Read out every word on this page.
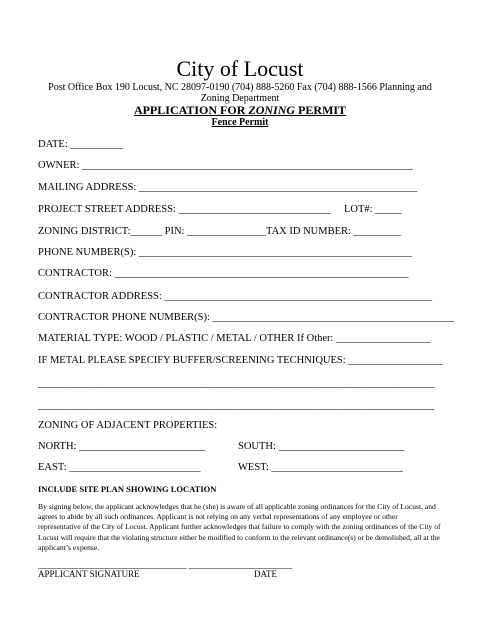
City of Locust
Post Office Box 190 Locust, NC 28097-0190 (704) 888-5260 Fax (704) 888-1566 Planning and Zoning Department
APPLICATION FOR ZONING PERMIT
Fence Permit
DATE: __________
OWNER: _______________________________________________________________
MAILING ADDRESS: _____________________________________________________
PROJECT STREET ADDRESS: _____________________________ LOT#: _____
ZONING DISTRICT:______ PIN: _______________ TAX ID NUMBER: _________
PHONE NUMBER(S): ____________________________________________________
CONTRACTOR: ________________________________________________________
CONTRACTOR ADDRESS: ___________________________________________________
CONTRACTOR PHONE NUMBER(S): ______________________________________________
MATERIAL TYPE: WOOD / PLASTIC / METAL / OTHER If Other: __________________
IF METAL PLEASE SPECIFY BUFFER/SCREENING TECHNIQUES: __________________
________________________________________________________________________________
________________________________________________________________________________
ZONING OF ADJACENT PROPERTIES:
NORTH: ________________________	SOUTH: ________________________
EAST: _________________________	WEST: _________________________
INCLUDE SITE PLAN SHOWING LOCATION
By signing below, the applicant acknowledges that he (she) is aware of all applicable zoning ordinances for the City of Locust, and agrees to abide by all such ordinances. Applicant is not relying on any verbal representations of any employee or other representative of the City of Locust. Applicant further acknowledges that failure to comply with the zoning ordinances of the City of Locust will require that the violating structure either be modified to conform to the relevant ordinance(s) or be demolished, all at the applicant’s expense.
_________________________________ _______________________
APPLICANT SIGNATURE	DATE
